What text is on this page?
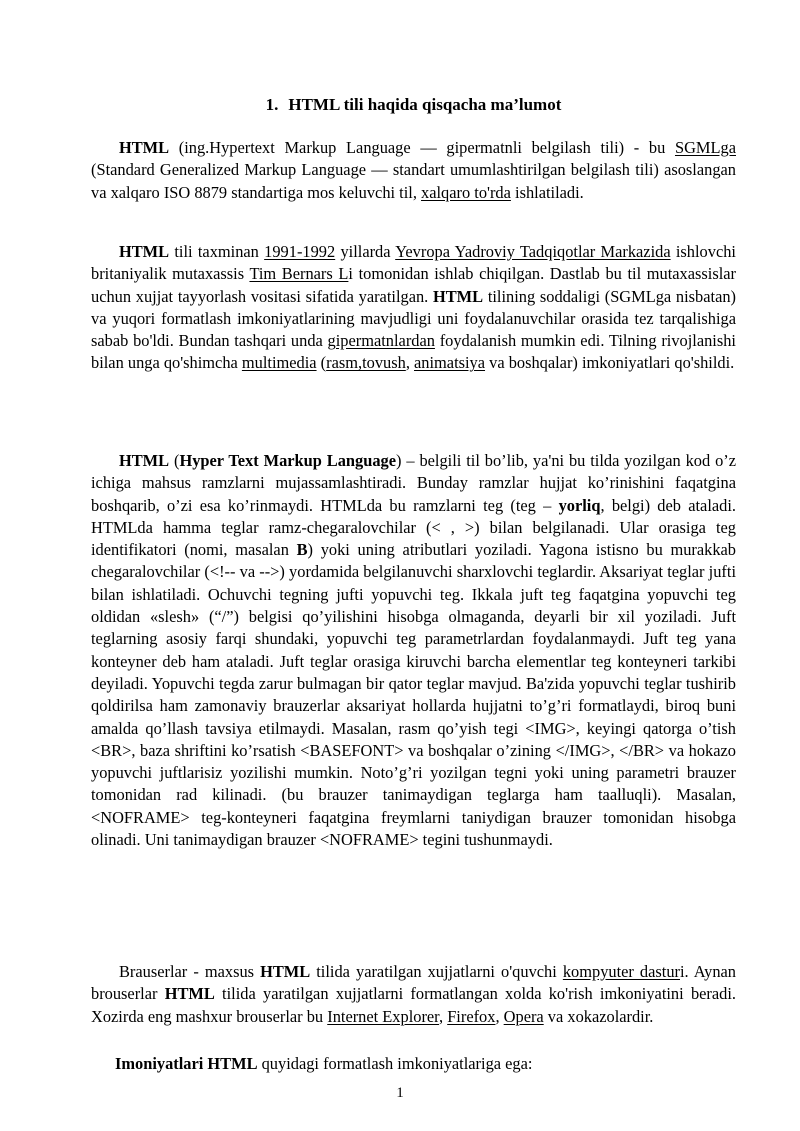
1. HTML tili haqida qisqacha ma’lumot

HTML (ing.Hypertext Markup Language — gipermatnli belgilash tili) - bu SGMLga (Standard Generalized Markup Language — standart umumlashtirilgan belgilash tili) asoslangan va xalqaro ISO 8879 standartiga mos keluvchi til, xalqaro to'rda ishlatiladi.

HTML tili taxminan 1991-1992 yillarda Yevropa Yadroviy Tadqiqotlar Markazida ishlovchi britaniyalik mutaxassis Tim Bernars Li tomonidan ishlab chiqilgan. Dastlab bu til mutaxassislar uchun xujjat tayyorlash vositasi sifatida yaratilgan. HTML tilining soddaligi (SGMLga nisbatan) va yuqori formatlash imkoniyatlarining mavjudligi uni foydalanuvchilar orasida tez tarqalishiga sabab bo'ldi. Bundan tashqari unda gipermatnlardan foydalanish mumkin edi. Tilning rivojlanishi bilan unga qo'shimcha multimedia (rasm,tovush, animatsiya va boshqalar) imkoniyatlari qo'shildi.

HTML (Hyper Text Markup Language) – belgili til bo’lib, ya'ni bu tilda yozilgan kod o’z ichiga mahsus ramzlarni mujassamlashtiradi. Bunday ramzlar hujjat ko’rinishini faqatgina boshqarib, o’zi esa ko’rinmaydi. HTMLda bu ramzlarni teg (teg – yorliq, belgi) deb ataladi. HTMLda hamma teglar ramz-chegaralovchilar (< , >) bilan belgilanadi. Ular orasiga teg identifikatori (nomi, masalan B) yoki uning atributlari yoziladi. Yagona istisno bu murakkab chegaralovchilar (<!-- va -->) yordamida belgilanuvchi sharxlovchi teglardir. Aksariyat teglar jufti bilan ishlatiladi. Ochuvchi tegning jufti yopuvchi teg. Ikkala juft teg faqatgina yopuvchi teg oldidan «slesh» (“/”) belgisi qo’yilishini hisobga olmaganda, deyarli bir xil yoziladi. Juft teglarning asosiy farqi shundaki, yopuvchi teg parametrlardan foydalanmaydi. Juft teg yana konteyner deb ham ataladi. Juft teglar orasiga kiruvchi barcha elementlar teg konteyneri tarkibi deyiladi. Yopuvchi tegda zarur bulmagan bir qator teglar mavjud. Ba'zida yopuvchi teglar tushirib qoldirilsa ham zamonaviy brauzerlar aksariyat hollarda hujjatni to’g’ri formatlaydi, biroq buni amalda qo’llash tavsiya etilmaydi. Masalan, rasm qo’yish tegi <IMG>, keyingi qatorga o’tish <BR>, baza shriftini ko’rsatish <BASEFONT> va boshqalar o’zining </IMG>, </BR> va hokazo yopuvchi juftlarisiz yozilishi mumkin. Noto’g’ri yozilgan tegni yoki uning parametri brauzer tomonidan rad kilinadi. (bu brauzer tanimaydigan teglarga ham taalluqli). Masalan, <NOFRAME> teg-konteyneri faqatgina freymlarni taniydigan brauzer tomonidan hisobga olinadi. Uni tanimaydigan brauzer <NOFRAME> tegini tushunmaydi.

Brauserlar - maxsus HTML tilida yaratilgan xujjatlarni o'quvchi kompyuter dasturi. Aynan brouserlar HTML tilida yaratilgan xujjatlarni formatlangan xolda ko'rish imkoniyatini beradi. Xozirda eng mashxur brouserlar bu Internet Explorer, Firefox, Opera va xokazolardir.

Imoniyatlari HTML quyidagi formatlash imkoniyatlariga ega:

1
